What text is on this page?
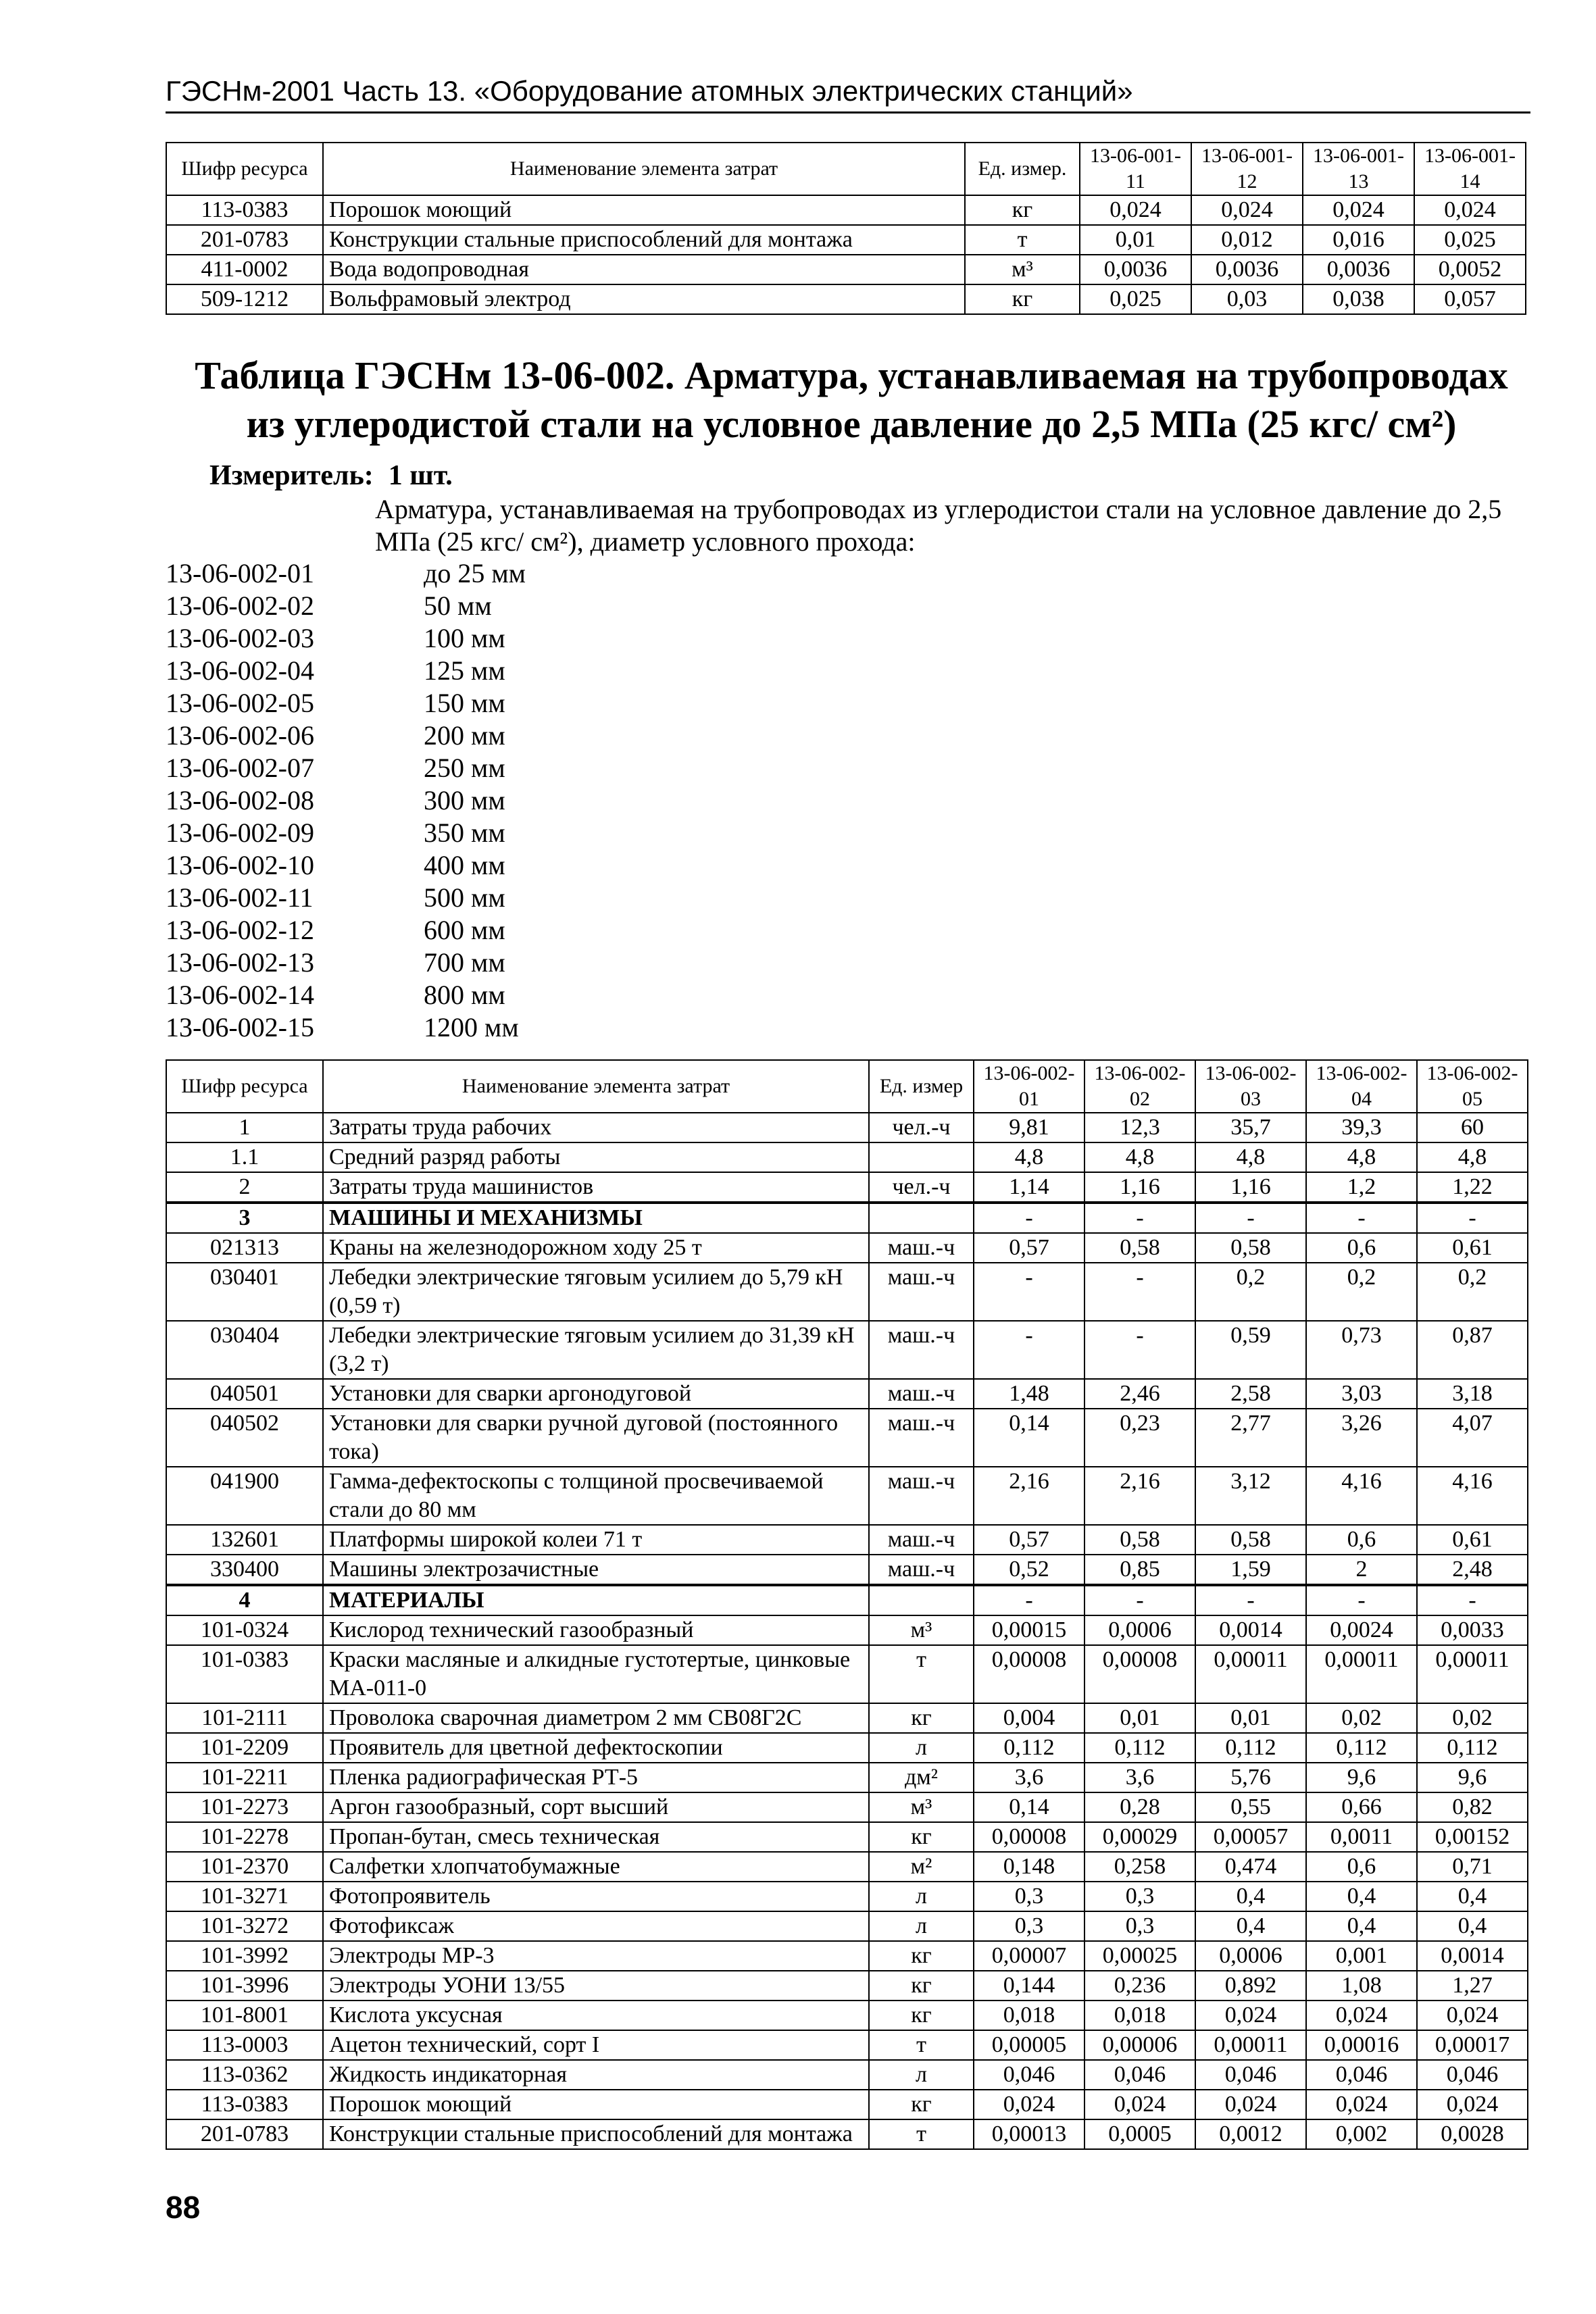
ГЭСНм-2001 Часть 13. «Оборудование атомных электрических станций»
Шифр ресурса	Наименование элемента затрат	Ед. измер.	13-06-001-11	13-06-001-12	13-06-001-13	13-06-001-14
113-0383	Порошок моющий	кг	0,024	0,024	0,024	0,024
201-0783	Конструкции стальные приспособлений для монтажа	т	0,01	0,012	0,016	0,025
411-0002	Вода водопроводная	м³	0,0036	0,0036	0,0036	0,0052
509-1212	Вольфрамовый электрод	кг	0,025	0,03	0,038	0,057
Таблица ГЭСНм 13-06-002. Арматура, устанавливаемая на трубопроводах из углеродистой стали на условное давление до 2,5 МПа (25 кгс/ см²)
Измеритель: 1 шт.
Арматура, устанавливаемая на трубопроводах из углеродистои стали на условное давление до 2,5 МПа (25 кгс/ см²), диаметр условного прохода:
13-06-002-01	до 25 мм
13-06-002-02	50 мм
13-06-002-03	100 мм
13-06-002-04	125 мм
13-06-002-05	150 мм
13-06-002-06	200 мм
13-06-002-07	250 мм
13-06-002-08	300 мм
13-06-002-09	350 мм
13-06-002-10	400 мм
13-06-002-11	500 мм
13-06-002-12	600 мм
13-06-002-13	700 мм
13-06-002-14	800 мм
13-06-002-15	1200 мм
Шифр ресурса	Наименование элемента затрат	Ед. измер	13-06-002-01	13-06-002-02	13-06-002-03	13-06-002-04	13-06-002-05
1	Затраты труда рабочих	чел.-ч	9,81	12,3	35,7	39,3	60
1.1	Средний разряд работы		4,8	4,8	4,8	4,8	4,8
2	Затраты труда машинистов	чел.-ч	1,14	1,16	1,16	1,2	1,22
3	МАШИНЫ И МЕХАНИЗМЫ		-	-	-	-	-
021313	Краны на железнодорожном ходу 25 т	маш.-ч	0,57	0,58	0,58	0,6	0,61
030401	Лебедки электрические тяговым усилием до 5,79 кН (0,59 т)	маш.-ч	-	-	0,2	0,2	0,2
030404	Лебедки электрические тяговым усилием до 31,39 кН (3,2 т)	маш.-ч	-	-	0,59	0,73	0,87
040501	Установки для сварки аргонодуговой	маш.-ч	1,48	2,46	2,58	3,03	3,18
040502	Установки для сварки ручной дуговой (постоянного тока)	маш.-ч	0,14	0,23	2,77	3,26	4,07
041900	Гамма-дефектоскопы с толщиной просвечиваемой стали до 80 мм	маш.-ч	2,16	2,16	3,12	4,16	4,16
132601	Платформы широкой колеи 71 т	маш.-ч	0,57	0,58	0,58	0,6	0,61
330400	Машины электрозачистные	маш.-ч	0,52	0,85	1,59	2	2,48
4	МАТЕРИАЛЫ		-	-	-	-	-
101-0324	Кислород технический газообразный	м³	0,00015	0,0006	0,0014	0,0024	0,0033
101-0383	Краски масляные и алкидные густотертые, цинковые МА-011-0	т	0,00008	0,00008	0,00011	0,00011	0,00011
101-2111	Проволока сварочная диаметром 2 мм СВ08Г2С	кг	0,004	0,01	0,01	0,02	0,02
101-2209	Проявитель для цветной дефектоскопии	л	0,112	0,112	0,112	0,112	0,112
101-2211	Пленка радиографическая РТ-5	дм²	3,6	3,6	5,76	9,6	9,6
101-2273	Аргон газообразный, сорт высший	м³	0,14	0,28	0,55	0,66	0,82
101-2278	Пропан-бутан, смесь техническая	кг	0,00008	0,00029	0,00057	0,0011	0,00152
101-2370	Салфетки хлопчатобумажные	м²	0,148	0,258	0,474	0,6	0,71
101-3271	Фотопроявитель	л	0,3	0,3	0,4	0,4	0,4
101-3272	Фотофиксаж	л	0,3	0,3	0,4	0,4	0,4
101-3992	Электроды МР-3	кг	0,00007	0,00025	0,0006	0,001	0,0014
101-3996	Электроды УОНИ 13/55	кг	0,144	0,236	0,892	1,08	1,27
101-8001	Кислота уксусная	кг	0,018	0,018	0,024	0,024	0,024
113-0003	Ацетон технический, сорт I	т	0,00005	0,00006	0,00011	0,00016	0,00017
113-0362	Жидкость индикаторная	л	0,046	0,046	0,046	0,046	0,046
113-0383	Порошок моющий	кг	0,024	0,024	0,024	0,024	0,024
201-0783	Конструкции стальные приспособлений для монтажа	т	0,00013	0,0005	0,0012	0,002	0,0028
88
